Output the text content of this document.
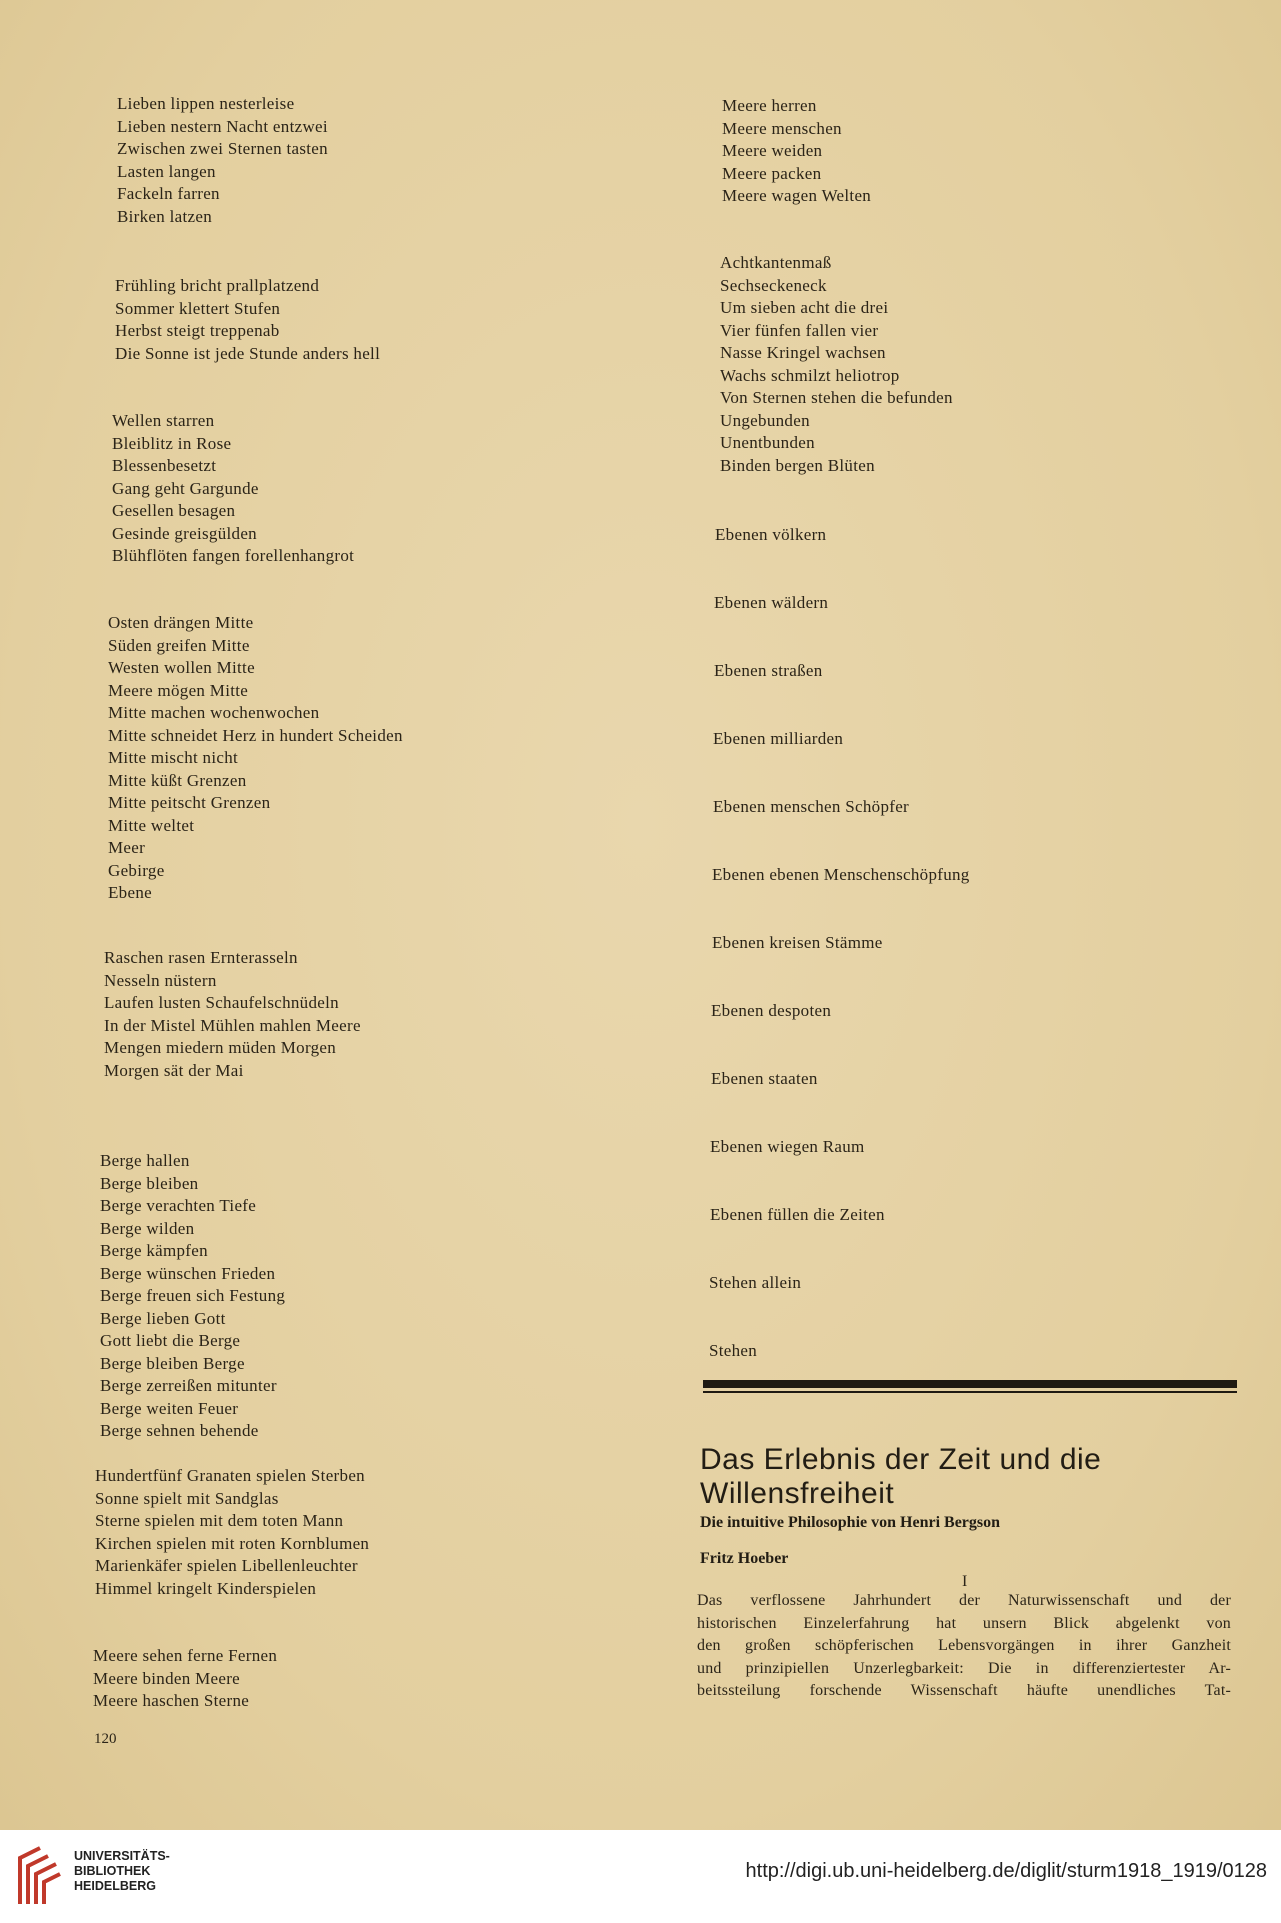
Lieben lippen nesterleise
Lieben nestern Nacht entzwei
Zwischen zwei Sternen tasten
Lasten langen
Fackeln farren
Birken latzen
Frühling bricht prallplatzend
Sommer klettert Stufen
Herbst steigt treppenab
Die Sonne ist jede Stunde anders hell
Wellen starren
Bleiblitz in Rose
Blessenbesetzt
Gang geht Gargunde
Gesellen besagen
Gesinde greisgülden
Blühflöten fangen forellenhangrot
Osten drängen Mitte
Süden greifen Mitte
Westen wollen Mitte
Meere mögen Mitte
Mitte machen wochenwochen
Mitte schneidet Herz in hundert Scheiden
Mitte mischt nicht
Mitte küßt Grenzen
Mitte peitscht Grenzen
Mitte weltet
Meer
Gebirge
Ebene
Raschen rasen Ernterasseln
Nesseln nüstern
Laufen lusten Schaufelschnüdeln
In der Mistel Mühlen mahlen Meere
Mengen miedern müden Morgen
Morgen sät der Mai
Berge hallen
Berge bleiben
Berge verachten Tiefe
Berge wilden
Berge kämpfen
Berge wünschen Frieden
Berge freuen sich Festung
Berge lieben Gott
Gott liebt die Berge
Berge bleiben Berge
Berge zerreißen mitunter
Berge weiten Feuer
Berge sehnen behende
Hundertfünf Granaten spielen Sterben
Sonne spielt mit Sandglas
Sterne spielen mit dem toten Mann
Kirchen spielen mit roten Kornblumen
Marienkäfer spielen Libellenleuchter
Himmel kringelt Kinderspielen
Meere sehen ferne Fernen
Meere binden Meere
Meere haschen Sterne
Meere herren
Meere menschen
Meere weiden
Meere packen
Meere wagen Welten
Achtkantenmaß
Sechseckeneck
Um sieben acht die drei
Vier fünfen fallen vier
Nasse Kringel wachsen
Wachs schmilzt heliotrop
Von Sternen stehen die befunden
Ungebunden
Unentbunden
Binden bergen Blüten

Ebenen völkern

Ebenen wäldern

Ebenen straßen

Ebenen milliarden

Ebenen menschen Schöpfer

Ebenen ebenen Menschenschöpfung

Ebenen kreisen Stämme

Ebenen despoten

Ebenen staaten

Ebenen wiegen Raum

Ebenen füllen die Zeiten

Stehen allein

Stehen

Das Erlebnis der Zeit und die
Willensfreiheit

Die intuitive Philosophie von Henri Bergson

Fritz Hoeber

I

Das verflossene Jahrhundert der Naturwissenschaft und der
historischen Einzelerfahrung hat unsern Blick abgelenkt von
den großen schöpferischen Lebensvorgängen in ihrer Ganzheit
und prinzipiellen Unzerlegbarkeit: Die in differenziertester Ar-
beitssteilung forschende Wissenschaft häufte unendliches Tat-

120

UNIVERSITÄTS-
BIBLIOTHEK
HEIDELBERG
http://digi.ub.uni-heidelberg.de/diglit/sturm1918_1919/0128
